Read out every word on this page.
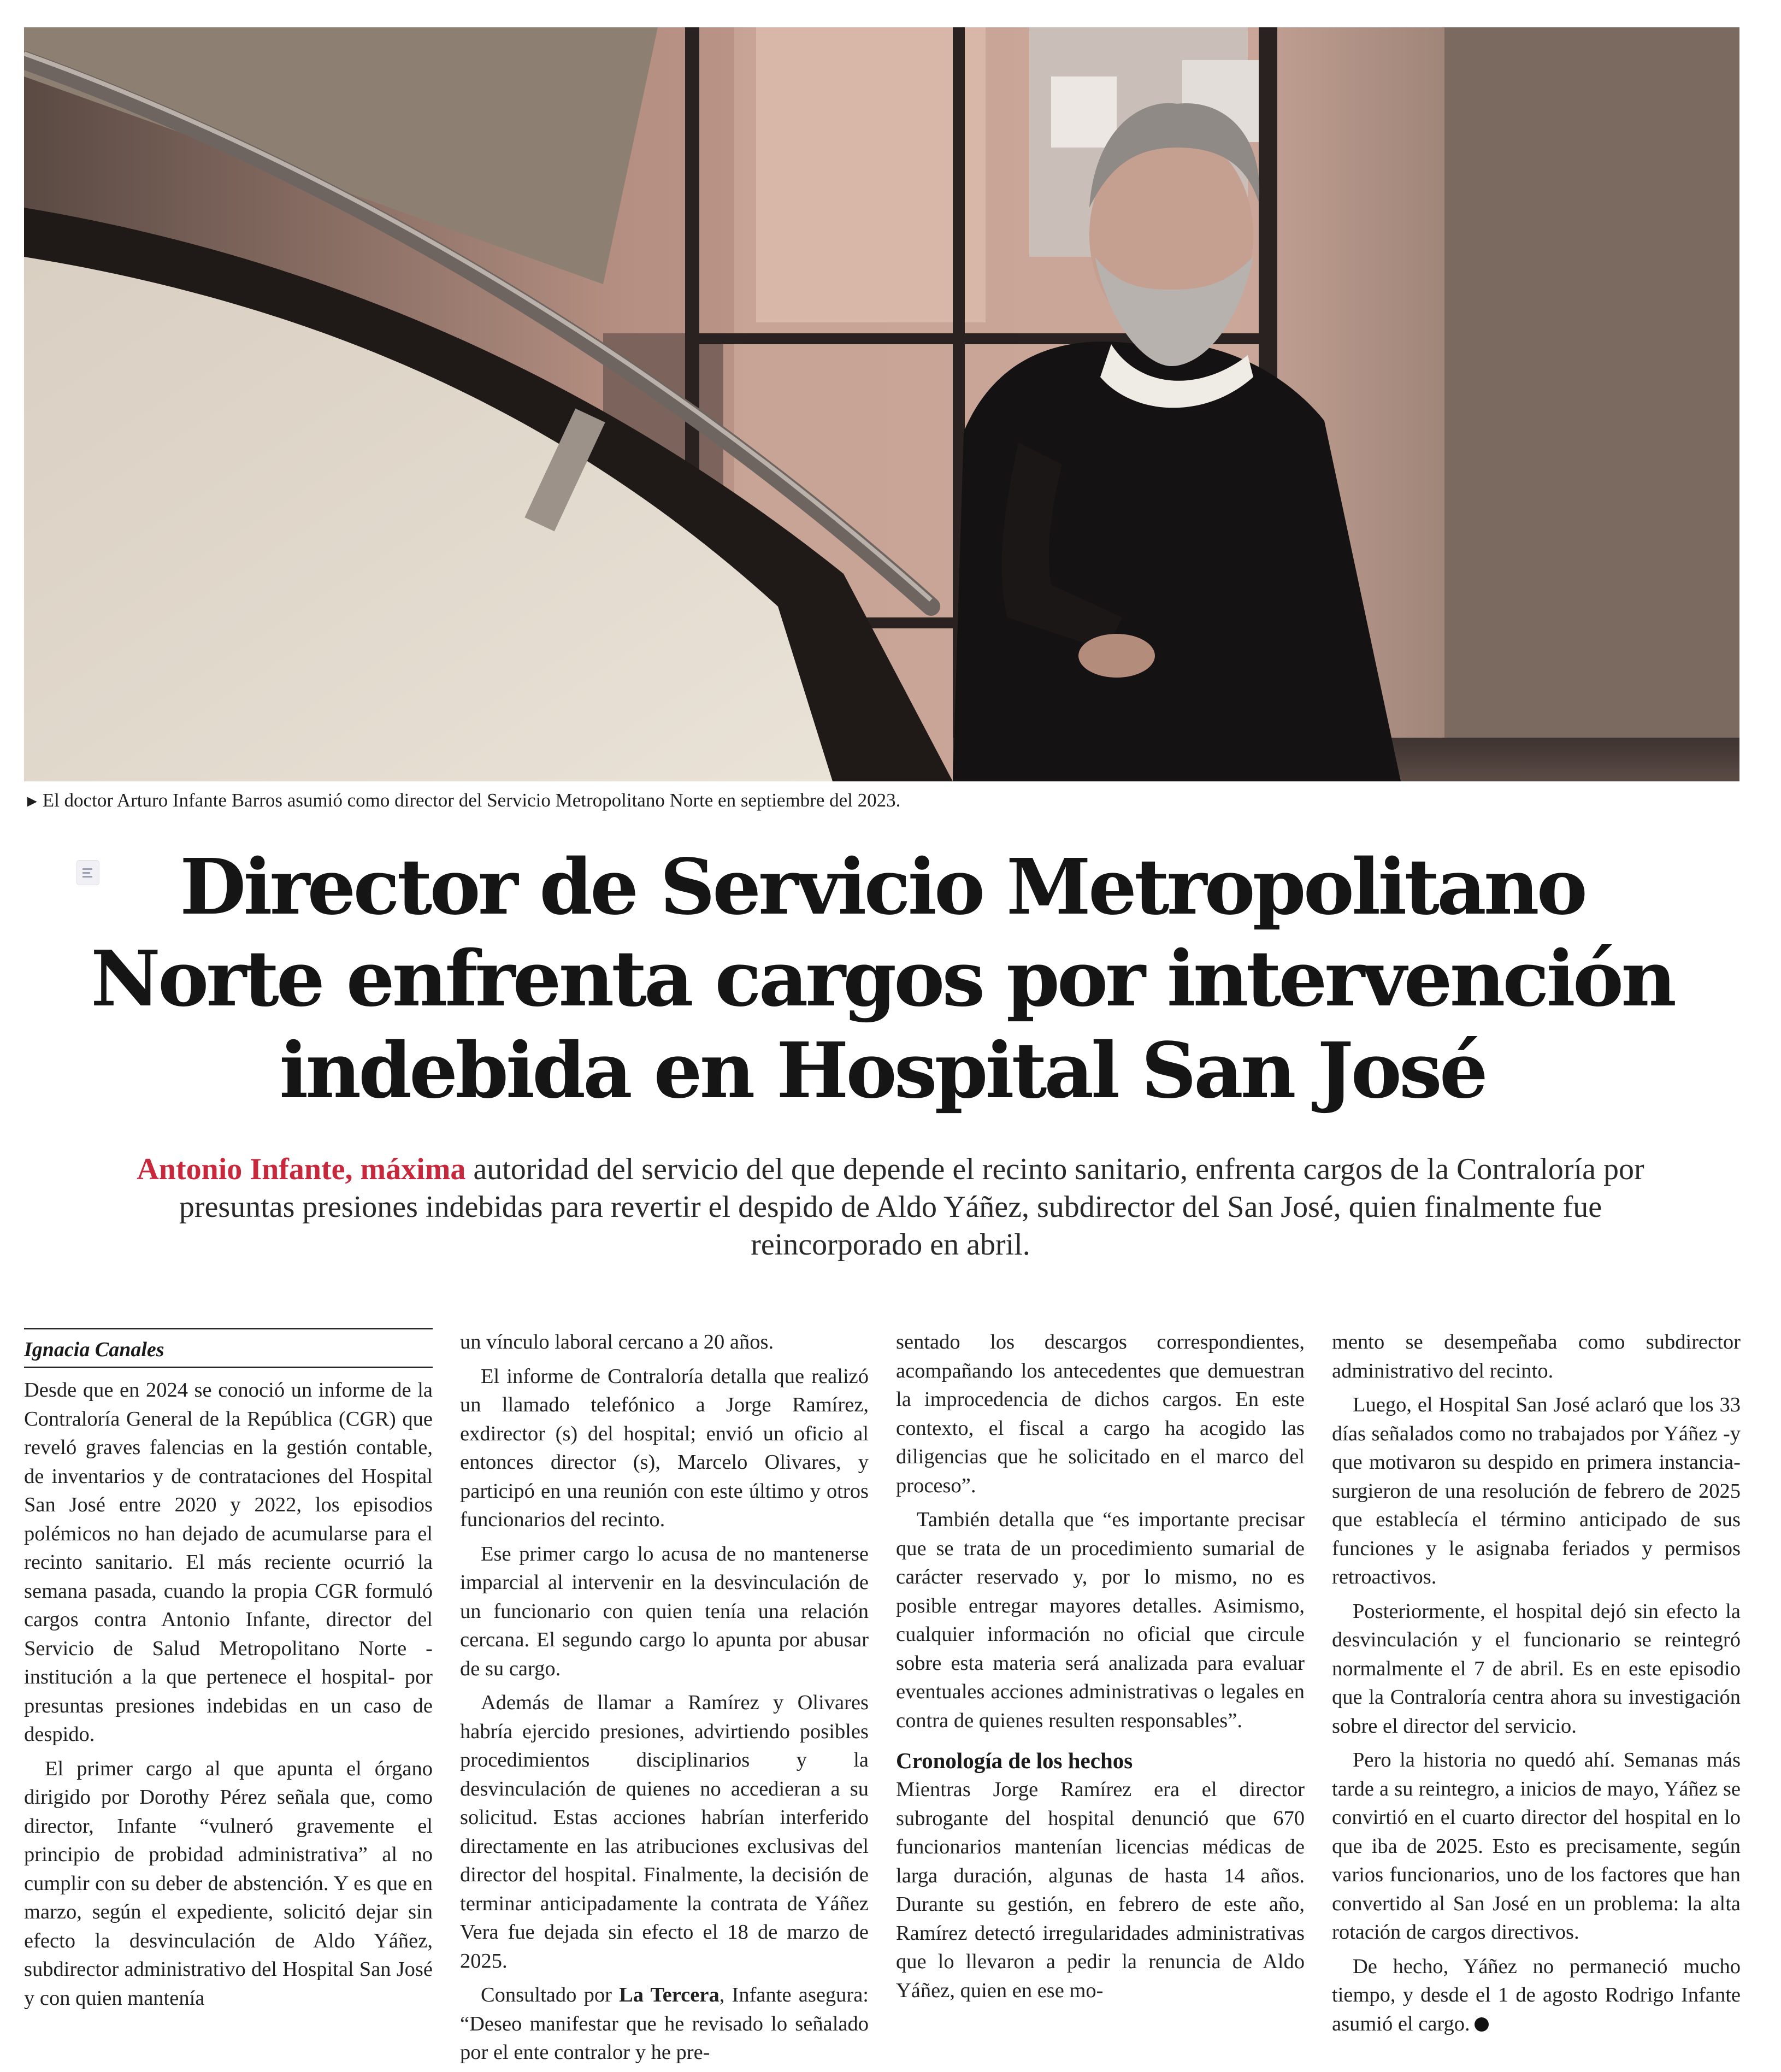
► El doctor Arturo Infante Barros asumió como director del Servicio Metropolitano Norte en septiembre del 2023.
Director de Servicio Metropolitano
Norte enfrenta cargos por intervención
indebida en Hospital San José

Antonio Infante, máxima autoridad del servicio del que depende el recinto sanitario, enfrenta cargos de la Contraloría por presuntas presiones indebidas para revertir el despido de Aldo Yáñez, subdirector del San José, quien finalmente fue reincorporado en abril.

Ignacia Canales

Desde que en 2024 se conoció un informe de la Contraloría General de la República (CGR) que reveló graves falencias en la gestión contable, de inventarios y de contrataciones del Hospital San José entre 2020 y 2022, los episodios polémicos no han dejado de acumularse para el recinto sanitario. El más reciente ocurrió la semana pasada, cuando la propia CGR formuló cargos contra Antonio Infante, director del Servicio de Salud Metropolitano Norte -institución a la que pertenece el hospital- por presuntas presiones indebidas en un caso de despido.

El primer cargo al que apunta el órgano dirigido por Dorothy Pérez señala que, como director, Infante “vulneró gravemente el principio de probidad administrativa” al no cumplir con su deber de abstención. Y es que en marzo, según el expediente, solicitó dejar sin efecto la desvinculación de Aldo Yáñez, subdirector administrativo del Hospital San José y con quien mantenía

un vínculo laboral cercano a 20 años.

El informe de Contraloría detalla que realizó un llamado telefónico a Jorge Ramírez, exdirector (s) del hospital; envió un oficio al entonces director (s), Marcelo Olivares, y participó en una reunión con este último y otros funcionarios del recinto.

Ese primer cargo lo acusa de no mantenerse imparcial al intervenir en la desvinculación de un funcionario con quien tenía una relación cercana. El segundo cargo lo apunta por abusar de su cargo.

Además de llamar a Ramírez y Olivares habría ejercido presiones, advirtiendo posibles procedimientos disciplinarios y la desvinculación de quienes no accedieran a su solicitud. Estas acciones habrían interferido directamente en las atribuciones exclusivas del director del hospital. Finalmente, la decisión de terminar anticipadamente la contrata de Yáñez Vera fue dejada sin efecto el 18 de marzo de 2025.

Consultado por La Tercera, Infante asegura: “Deseo manifestar que he revisado lo señalado por el ente contralor y he pre-

sentado los descargos correspondientes, acompañando los antecedentes que demuestran la improcedencia de dichos cargos. En este contexto, el fiscal a cargo ha acogido las diligencias que he solicitado en el marco del proceso”.

También detalla que “es importante precisar que se trata de un procedimiento sumarial de carácter reservado y, por lo mismo, no es posible entregar mayores detalles. Asimismo, cualquier información no oficial que circule sobre esta materia será analizada para evaluar eventuales acciones administrativas o legales en contra de quienes resulten responsables”.

Cronología de los hechos

Mientras Jorge Ramírez era el director subrogante del hospital denunció que 670 funcionarios mantenían licencias médicas de larga duración, algunas de hasta 14 años. Durante su gestión, en febrero de este año, Ramírez detectó irregularidades administrativas que lo llevaron a pedir la renuncia de Aldo Yáñez, quien en ese mo-

mento se desempeñaba como subdirector administrativo del recinto.

Luego, el Hospital San José aclaró que los 33 días señalados como no trabajados por Yáñez -y que motivaron su despido en primera instancia- surgieron de una resolución de febrero de 2025 que establecía el término anticipado de sus funciones y le asignaba feriados y permisos retroactivos.

Posteriormente, el hospital dejó sin efecto la desvinculación y el funcionario se reintegró normalmente el 7 de abril. Es en este episodio que la Contraloría centra ahora su investigación sobre el director del servicio.

Pero la historia no quedó ahí. Semanas más tarde a su reintegro, a inicios de mayo, Yáñez se convirtió en el cuarto director del hospital en lo que iba de 2025. Esto es precisamente, según varios funcionarios, uno de los factores que han convertido al San José en un problema: la alta rotación de cargos directivos.

De hecho, Yáñez no permaneció mucho tiempo, y desde el 1 de agosto Rodrigo Infante asumió el cargo.
